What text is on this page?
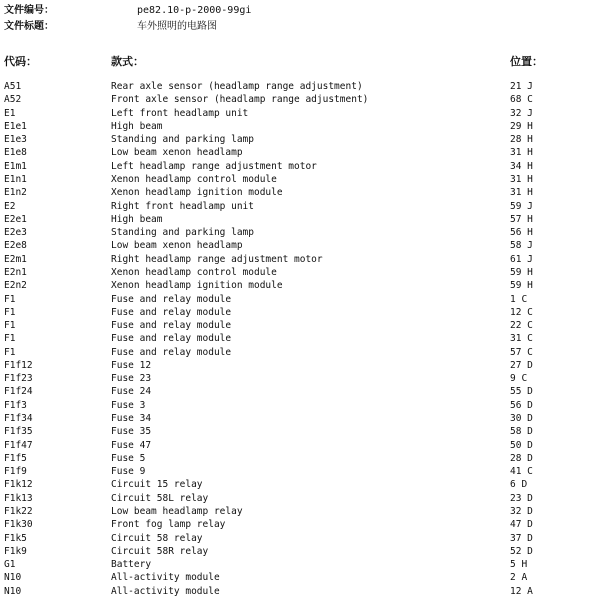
文件编号：	pe82.10-p-2000-99gi
文件标题：	车外照明的电路图
代码：	款式：	位置：
A51	Rear axle sensor (headlamp range adjustment)	21 J
A52	Front axle sensor (headlamp range adjustment)	68 C
E1	Left front headlamp unit	32 J
E1e1	High beam	29 H
E1e3	Standing and parking lamp	28 H
E1e8	Low beam xenon headlamp	31 H
E1m1	Left headlamp range adjustment motor	34 H
E1n1	Xenon headlamp control module	31 H
E1n2	Xenon headlamp ignition module	31 H
E2	Right front headlamp unit	59 J
E2e1	High beam	57 H
E2e3	Standing and parking lamp	56 H
E2e8	Low beam xenon headlamp	58 J
E2m1	Right headlamp range adjustment motor	61 J
E2n1	Xenon headlamp control module	59 H
E2n2	Xenon headlamp ignition module	59 H
F1	Fuse and relay module	1 C
F1	Fuse and relay module	12 C
F1	Fuse and relay module	22 C
F1	Fuse and relay module	31 C
F1	Fuse and relay module	57 C
F1f12	Fuse 12	27 D
F1f23	Fuse 23	9 C
F1f24	Fuse 24	55 D
F1f3	Fuse 3	56 D
F1f34	Fuse 34	30 D
F1f35	Fuse 35	58 D
F1f47	Fuse 47	50 D
F1f5	Fuse 5	28 D
F1f9	Fuse 9	41 C
F1k12	Circuit 15 relay	6 D
F1k13	Circuit 58L relay	23 D
F1k22	Low beam headlamp relay	32 D
F1k30	Front fog lamp relay	47 D
F1k5	Circuit 58 relay	37 D
F1k9	Circuit 58R relay	52 D
G1	Battery	5 H
N10	All-activity module	2 A
N10	All-activity module	12 A
